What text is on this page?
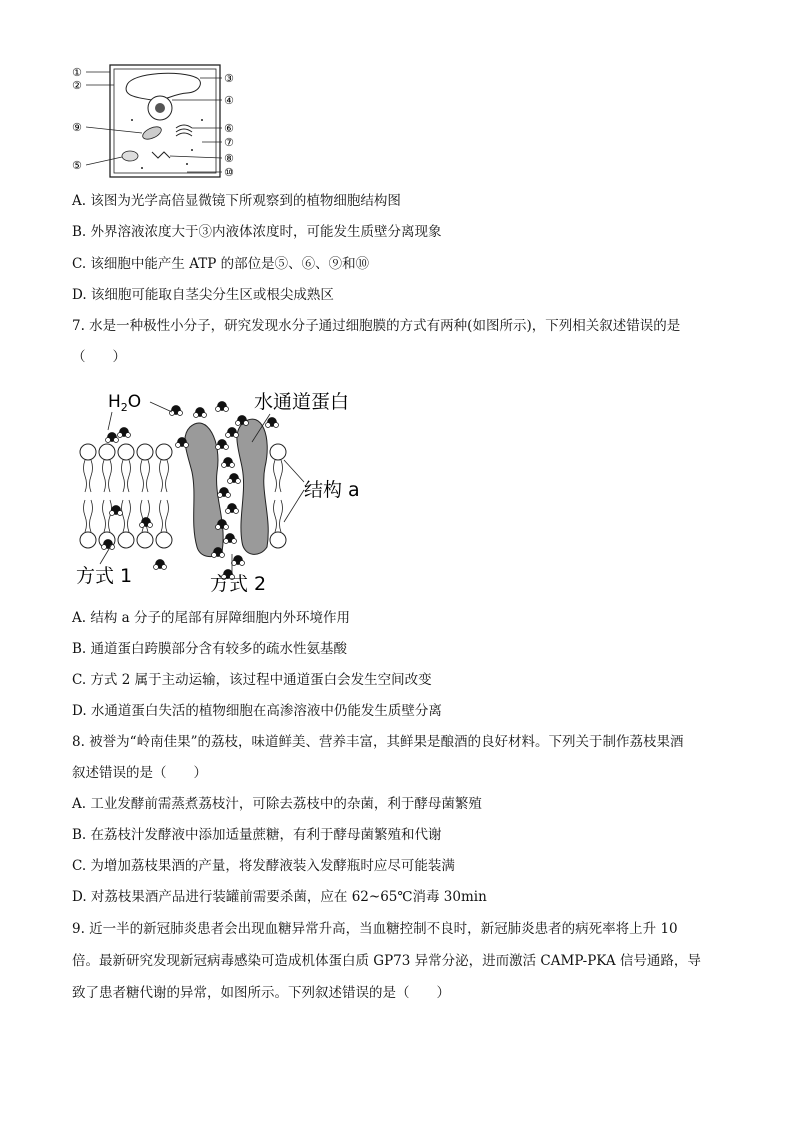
①
②
⑨
⑤
③
④
⑥
⑦
⑧
⑩
A. 该图为光学高倍显微镜下所观察到的植物细胞结构图
B. 外界溶液浓度大于③内液体浓度时，可能发生质壁分离现象
C. 该细胞中能产生 ATP 的部位是⑤、⑥、⑨和⑩
D. 该细胞可能取自茎尖分生区或根尖成熟区
7. 水是一种极性小分子，研究发现水分子通过细胞膜的方式有两种(如图所示)，下列相关叙述错误的是
（　　）
$H_2O$	水通道蛋白
结构 a
方式 1	方式 2
A. 结构 a 分子的尾部有屏障细胞内外环境作用
B. 通道蛋白跨膜部分含有较多的疏水性氨基酸
C. 方式 2 属于主动运输，该过程中通道蛋白会发生空间改变
D. 水通道蛋白失活的植物细胞在高渗溶液中仍能发生质壁分离
8. 被誉为“岭南佳果”的荔枝，味道鲜美、营养丰富，其鲜果是酿酒的良好材料。下列关于制作荔枝果酒
叙述错误的是（　　）
A. 工业发酵前需蒸煮荔枝汁，可除去荔枝中的杂菌，利于酵母菌繁殖
B. 在荔枝汁发酵液中添加适量蔗糖，有利于酵母菌繁殖和代谢
C. 为增加荔枝果酒的产量，将发酵液装入发酵瓶时应尽可能装满
D. 对荔枝果酒产品进行装罐前需要杀菌，应在 62~65℃消毒 30min
9. 近一半的新冠肺炎患者会出现血糖异常升高，当血糖控制不良时，新冠肺炎患者的病死率将上升 10
倍。最新研究发现新冠病毒感染可造成机体蛋白质 GP73 异常分泌，进而激活 CAMP-PKA 信号通路，导
致了患者糖代谢的异常，如图所示。下列叙述错误的是（　　）
